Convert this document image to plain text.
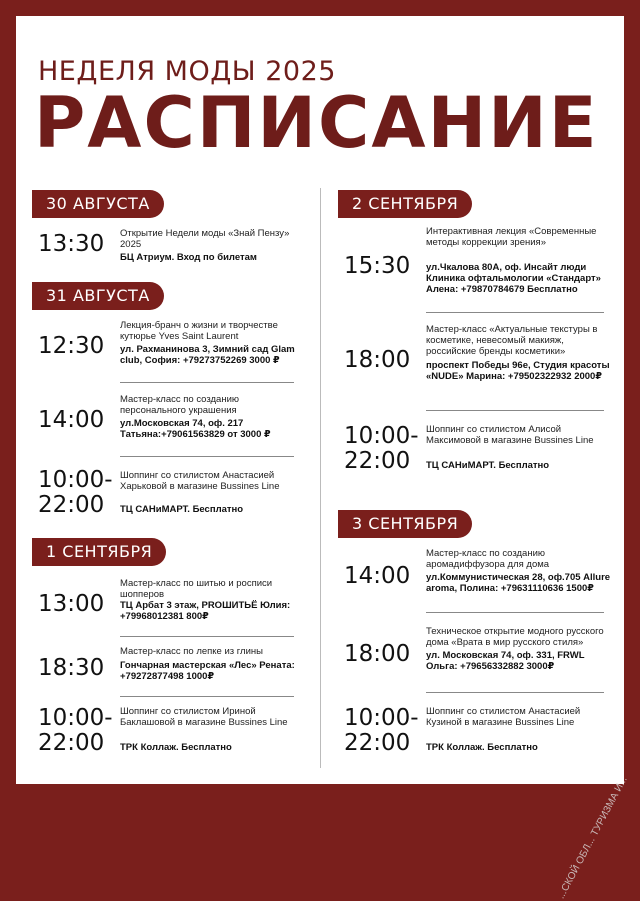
НЕДЕЛЯ МОДЫ 2025
РАСПИСАНИЕ
30 АВГУСТА
13:30	Открытие Недели моды «Знай Пензу» 2025
БЦ Атриум. Вход по билетам
31 АВГУСТА
12:30
Лекция-бранч о жизни и творчестве кутюрье Yves Saint Laurent
ул. Рахманинова 3, Зимний сад Glam club, София: +79273752269 3000 ₽
14:00
Мастер-класс по созданию персонального украшения
ул.Московская 74, оф. 217 Татьяна:+79061563829 от 3000 ₽
10:00-22:00
Шоппинг со стилистом Анастасией Харьковой в магазине Bussines Line
ТЦ САНиМАРТ. Бесплатно
1 СЕНТЯБРЯ
13:00
Мастер-класс по шитью и росписи шопперов
ТЦ Арбат 3 этаж, РROШИТЬЁ Юлия: +79968012381 800₽
18:30
Мастер-класс по лепке из глины
Гончарная мастерская «Лес» Рената: +79272877498 1000₽
10:00-22:00
Шоппинг со стилистом Ириной Баклашовой в магазине Bussines Line
ТРК Коллаж. Бесплатно
2 СЕНТЯБРЯ
15:30
Интерактивная лекция «Современные методы коррекции зрения»
ул.Чкалова 80А, оф. Инсайт люди Клиника офтальмологии «Стандарт» Алена: +79870784679 Бесплатно
18:00
Мастер-класс «Актуальные текстуры в косметике, невесомый макияж, российские бренды косметики»
проспект Победы 96е, Студия красоты «NUDE» Марина: +79502322932 2000₽
10:00-22:00
Шоппинг со стилистом Алисой Максимовой в магазине Bussines Line
ТЦ САНиМАРТ. Бесплатно
3 СЕНТЯБРЯ
14:00
Мастер-класс по созданию аромадиффузора для дома
ул.Коммунистическая 28, оф.705 Allure aroma, Полина: +79631110636 1500₽
18:00
Техническое открытие модного русского дома «Врата в мир русского стиля»
ул. Московская 74, оф. 331, FRWL Ольга: +79656332882 3000₽
10:00-22:00
Шоппинг со стилистом Анастасией Кузиной в магазине Bussines Line
ТРК Коллаж. Бесплатно
...СКОЙ ОБЛ... ТУРИЗМА И...
